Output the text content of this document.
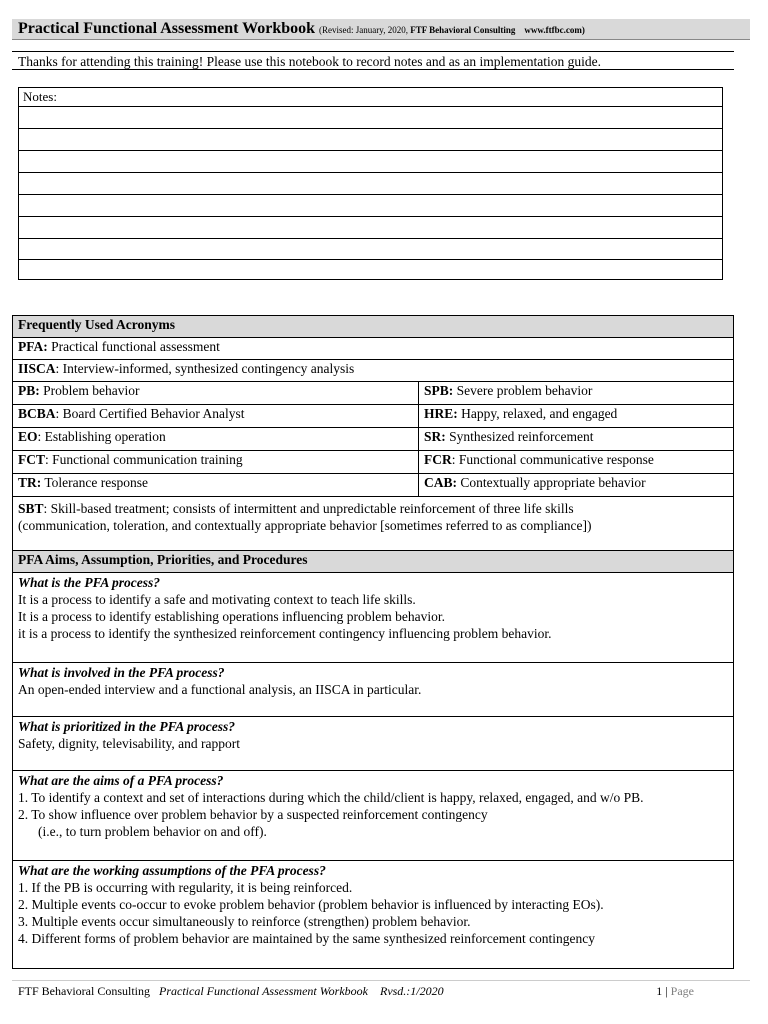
Practical Functional Assessment Workbook (Revised: January, 2020, FTF Behavioral Consulting www.ftfbc.com)
Thanks for attending this training! Please use this notebook to record notes and as an implementation guide.
Notes:
Frequently Used Acronyms	
PFA: Practical functional assessment	
IISCA: Interview-informed, synthesized contingency analysis	
PB: Problem behavior	SPB: Severe problem behavior
BCBA: Board Certified Behavior Analyst	HRE: Happy, relaxed, and engaged
EO: Establishing operation	SR: Synthesized reinforcement
FCT: Functional communication training	FCR: Functional communicative response
TR: Tolerance response	CAB: Contextually appropriate behavior
SBT: Skill-based treatment; consists of intermittent and unpredictable reinforcement of three life skills
(communication, toleration, and contextually appropriate behavior [sometimes referred to as compliance])	
PFA Aims, Assumption, Priorities, and Procedures	

What is the PFA process?
It is a process to identify a safe and motivating context to teach life skills.
It is a process to identify establishing operations influencing problem behavior.
it is a process to identify the synthesized reinforcement contingency influencing problem behavior.	

What is involved in the PFA process?
An open-ended interview and a functional analysis, an IISCA in particular.	

What is prioritized in the PFA process?
Safety, dignity, televisability, and rapport	

What are the aims of a PFA process?
1. To identify a context and set of interactions during which the child/client is happy, relaxed, engaged, and w/o PB.
2. To show influence over problem behavior by a suspected reinforcement contingency
(i.e., to turn problem behavior on and off).	

What are the working assumptions of the PFA process?
1. If the PB is occurring with regularity, it is being reinforced.
2. Multiple events co-occur to evoke problem behavior (problem behavior is influenced by interacting EOs).
3. Multiple events occur simultaneously to reinforce (strengthen) problem behavior.
4. Different forms of problem behavior are maintained by the same synthesized reinforcement contingency	
FTF Behavioral Consulting Practical Functional Assessment Workbook Rvsd.:1/2020	1 | Page
